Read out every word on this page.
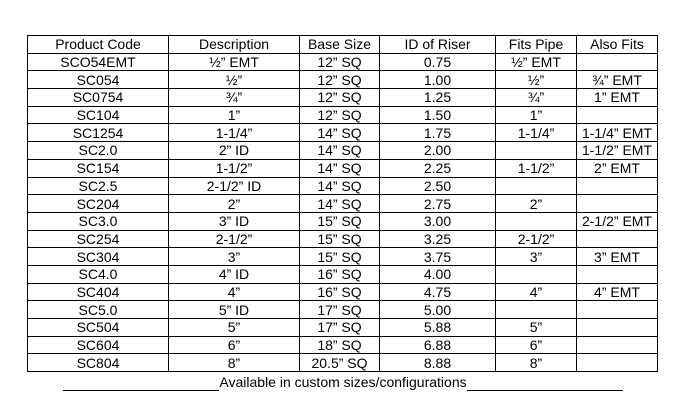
Product Code	Description	Base Size	ID of Riser	Fits Pipe	Also Fits
SCO54EMT	½” EMT	12” SQ	0.75	½” EMT	
SC054	½”	12” SQ	1.00	½”	¾” EMT
SC0754	¾”	12” SQ	1.25	¾”	1” EMT
SC104	1”	12” SQ	1.50	1”	
SC1254	1-1/4”	14” SQ	1.75	1-1/4”	1-1/4” EMT
SC2.0	2” ID	14” SQ	2.00		1-1/2” EMT
SC154	1-1/2”	14” SQ	2.25	1-1/2”	2” EMT
SC2.5	2-1/2” ID	14” SQ	2.50		
SC204	2”	14” SQ	2.75	2”	
SC3.0	3” ID	15” SQ	3.00		2-1/2” EMT
SC254	2-1/2”	15” SQ	3.25	2-1/2”	
SC304	3”	15” SQ	3.75	3”	3” EMT
SC4.0	4” ID	16” SQ	4.00		
SC404	4”	16” SQ	4.75	4”	4” EMT
SC5.0	5” ID	17” SQ	5.00		
SC504	5”	17” SQ	5.88	5”	
SC604	6”	18” SQ	6.88	6”	
SC804	8”	20.5” SQ	8.88	8”	
Available in custom sizes/configurations
